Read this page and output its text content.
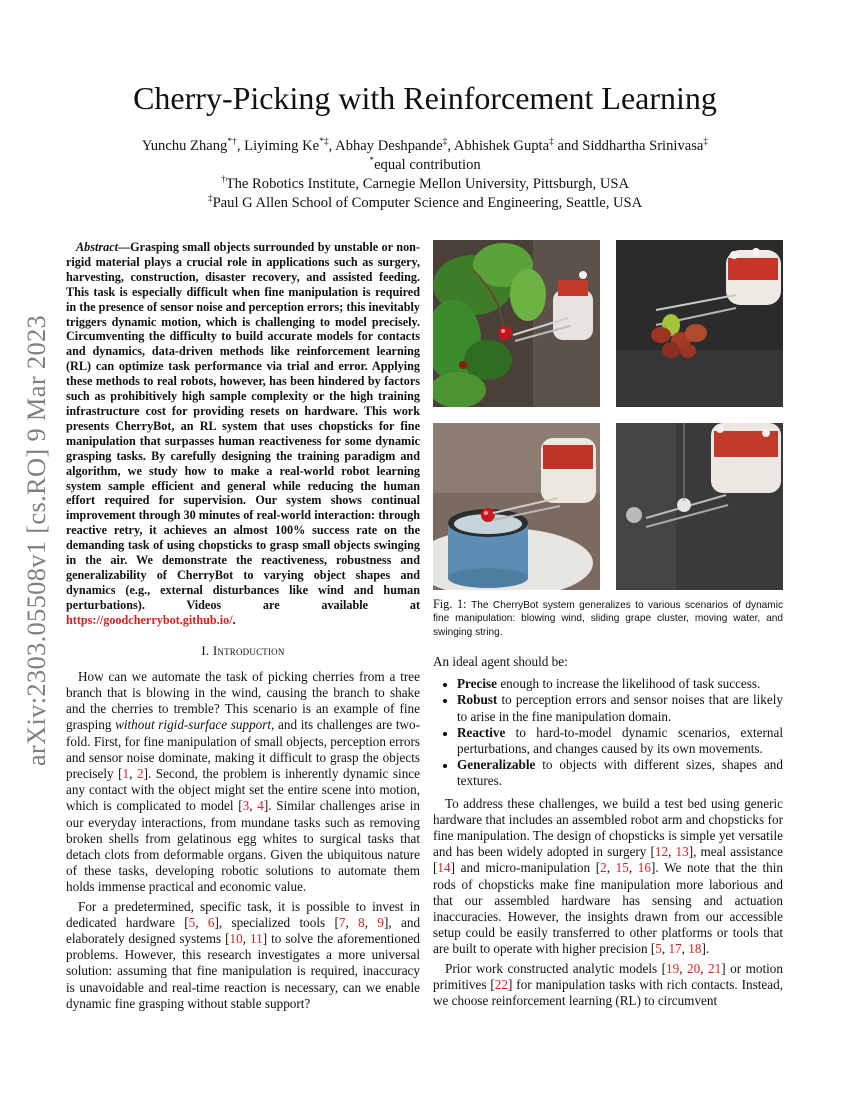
arXiv:2303.05508v1 [cs.RO] 9 Mar 2023
Cherry-Picking with Reinforcement Learning
Yunchu Zhang*†, Liyiming Ke*‡, Abhay Deshpande‡, Abhishek Gupta‡ and Siddhartha Srinivasa‡
*equal contribution
†The Robotics Institute, Carnegie Mellon University, Pittsburgh, USA
‡Paul G Allen School of Computer Science and Engineering, Seattle, USA

Abstract—Grasping small objects surrounded by unstable or non-rigid material plays a crucial role in applications such as surgery, harvesting, construction, disaster recovery, and assisted feeding. This task is especially difficult when fine manipulation is required in the presence of sensor noise and perception errors; this inevitably triggers dynamic motion, which is challenging to model precisely. Circumventing the difficulty to build accurate models for contacts and dynamics, data-driven methods like reinforcement learning (RL) can optimize task performance via trial and error. Applying these methods to real robots, however, has been hindered by factors such as prohibitively high sample complexity or the high training infrastructure cost for providing resets on hardware. This work presents CherryBot, an RL system that uses chopsticks for fine manipulation that surpasses human reactiveness for some dynamic grasping tasks. By carefully designing the training paradigm and algorithm, we study how to make a real-world robot learning system sample efficient and general while reducing the human effort required for supervision. Our system shows continual improvement through 30 minutes of real-world interaction: through reactive retry, it achieves an almost 100% success rate on the demanding task of using chopsticks to grasp small objects swinging in the air. We demonstrate the reactiveness, robustness and generalizability of CherryBot to varying object shapes and dynamics (e.g., external disturbances like wind and human perturbations). Videos are available at https://goodcherrybot.github.io/.

I. Introduction

How can we automate the task of picking cherries from a tree branch that is blowing in the wind, causing the branch to shake and the cherries to tremble? This scenario is an example of fine grasping without rigid-surface support, and its challenges are two-fold. First, for fine manipulation of small objects, perception errors and sensor noise dominate, making it difficult to grasp the objects precisely [1, 2]. Second, the problem is inherently dynamic since any contact with the object might set the entire scene into motion, which is complicated to model [3, 4]. Similar challenges arise in our everyday interactions, from mundane tasks such as removing broken shells from gelatinous egg whites to surgical tasks that detach clots from deformable organs. Given the ubiquitous nature of these tasks, developing robotic solutions to automate them holds immense practical and economic value.

For a predetermined, specific task, it is possible to invest in dedicated hardware [5, 6], specialized tools [7, 8, 9], and elaborately designed systems [10, 11] to solve the aforementioned problems. However, this research investigates a more universal solution: assuming that fine manipulation is required, inaccuracy is unavoidable and real-time reaction is necessary, can we enable dynamic fine grasping without stable support?

Fig. 1: The CherryBot system generalizes to various scenarios of dynamic fine manipulation: blowing wind, sliding grape cluster, moving water, and swinging string.

An ideal agent should be:

• Precise enough to increase the likelihood of task success.
• Robust to perception errors and sensor noises that are likely to arise in the fine manipulation domain.
• Reactive to hard-to-model dynamic scenarios, external perturbations, and changes caused by its own movements.
• Generalizable to objects with different sizes, shapes and textures.

To address these challenges, we build a test bed using generic hardware that includes an assembled robot arm and chopsticks for fine manipulation. The design of chopsticks is simple yet versatile and has been widely adopted in surgery [12, 13], meal assistance [14] and micro-manipulation [2, 15, 16]. We note that the thin rods of chopsticks make fine manipulation more laborious and that our assembled hardware has sensing and actuation inaccuracies. However, the insights drawn from our accessible setup could be easily transferred to other platforms or tools that are built to operate with higher precision [5, 17, 18].

Prior work constructed analytic models [19, 20, 21] or motion primitives [22] for manipulation tasks with rich contacts. Instead, we choose reinforcement learning (RL) to circumvent
